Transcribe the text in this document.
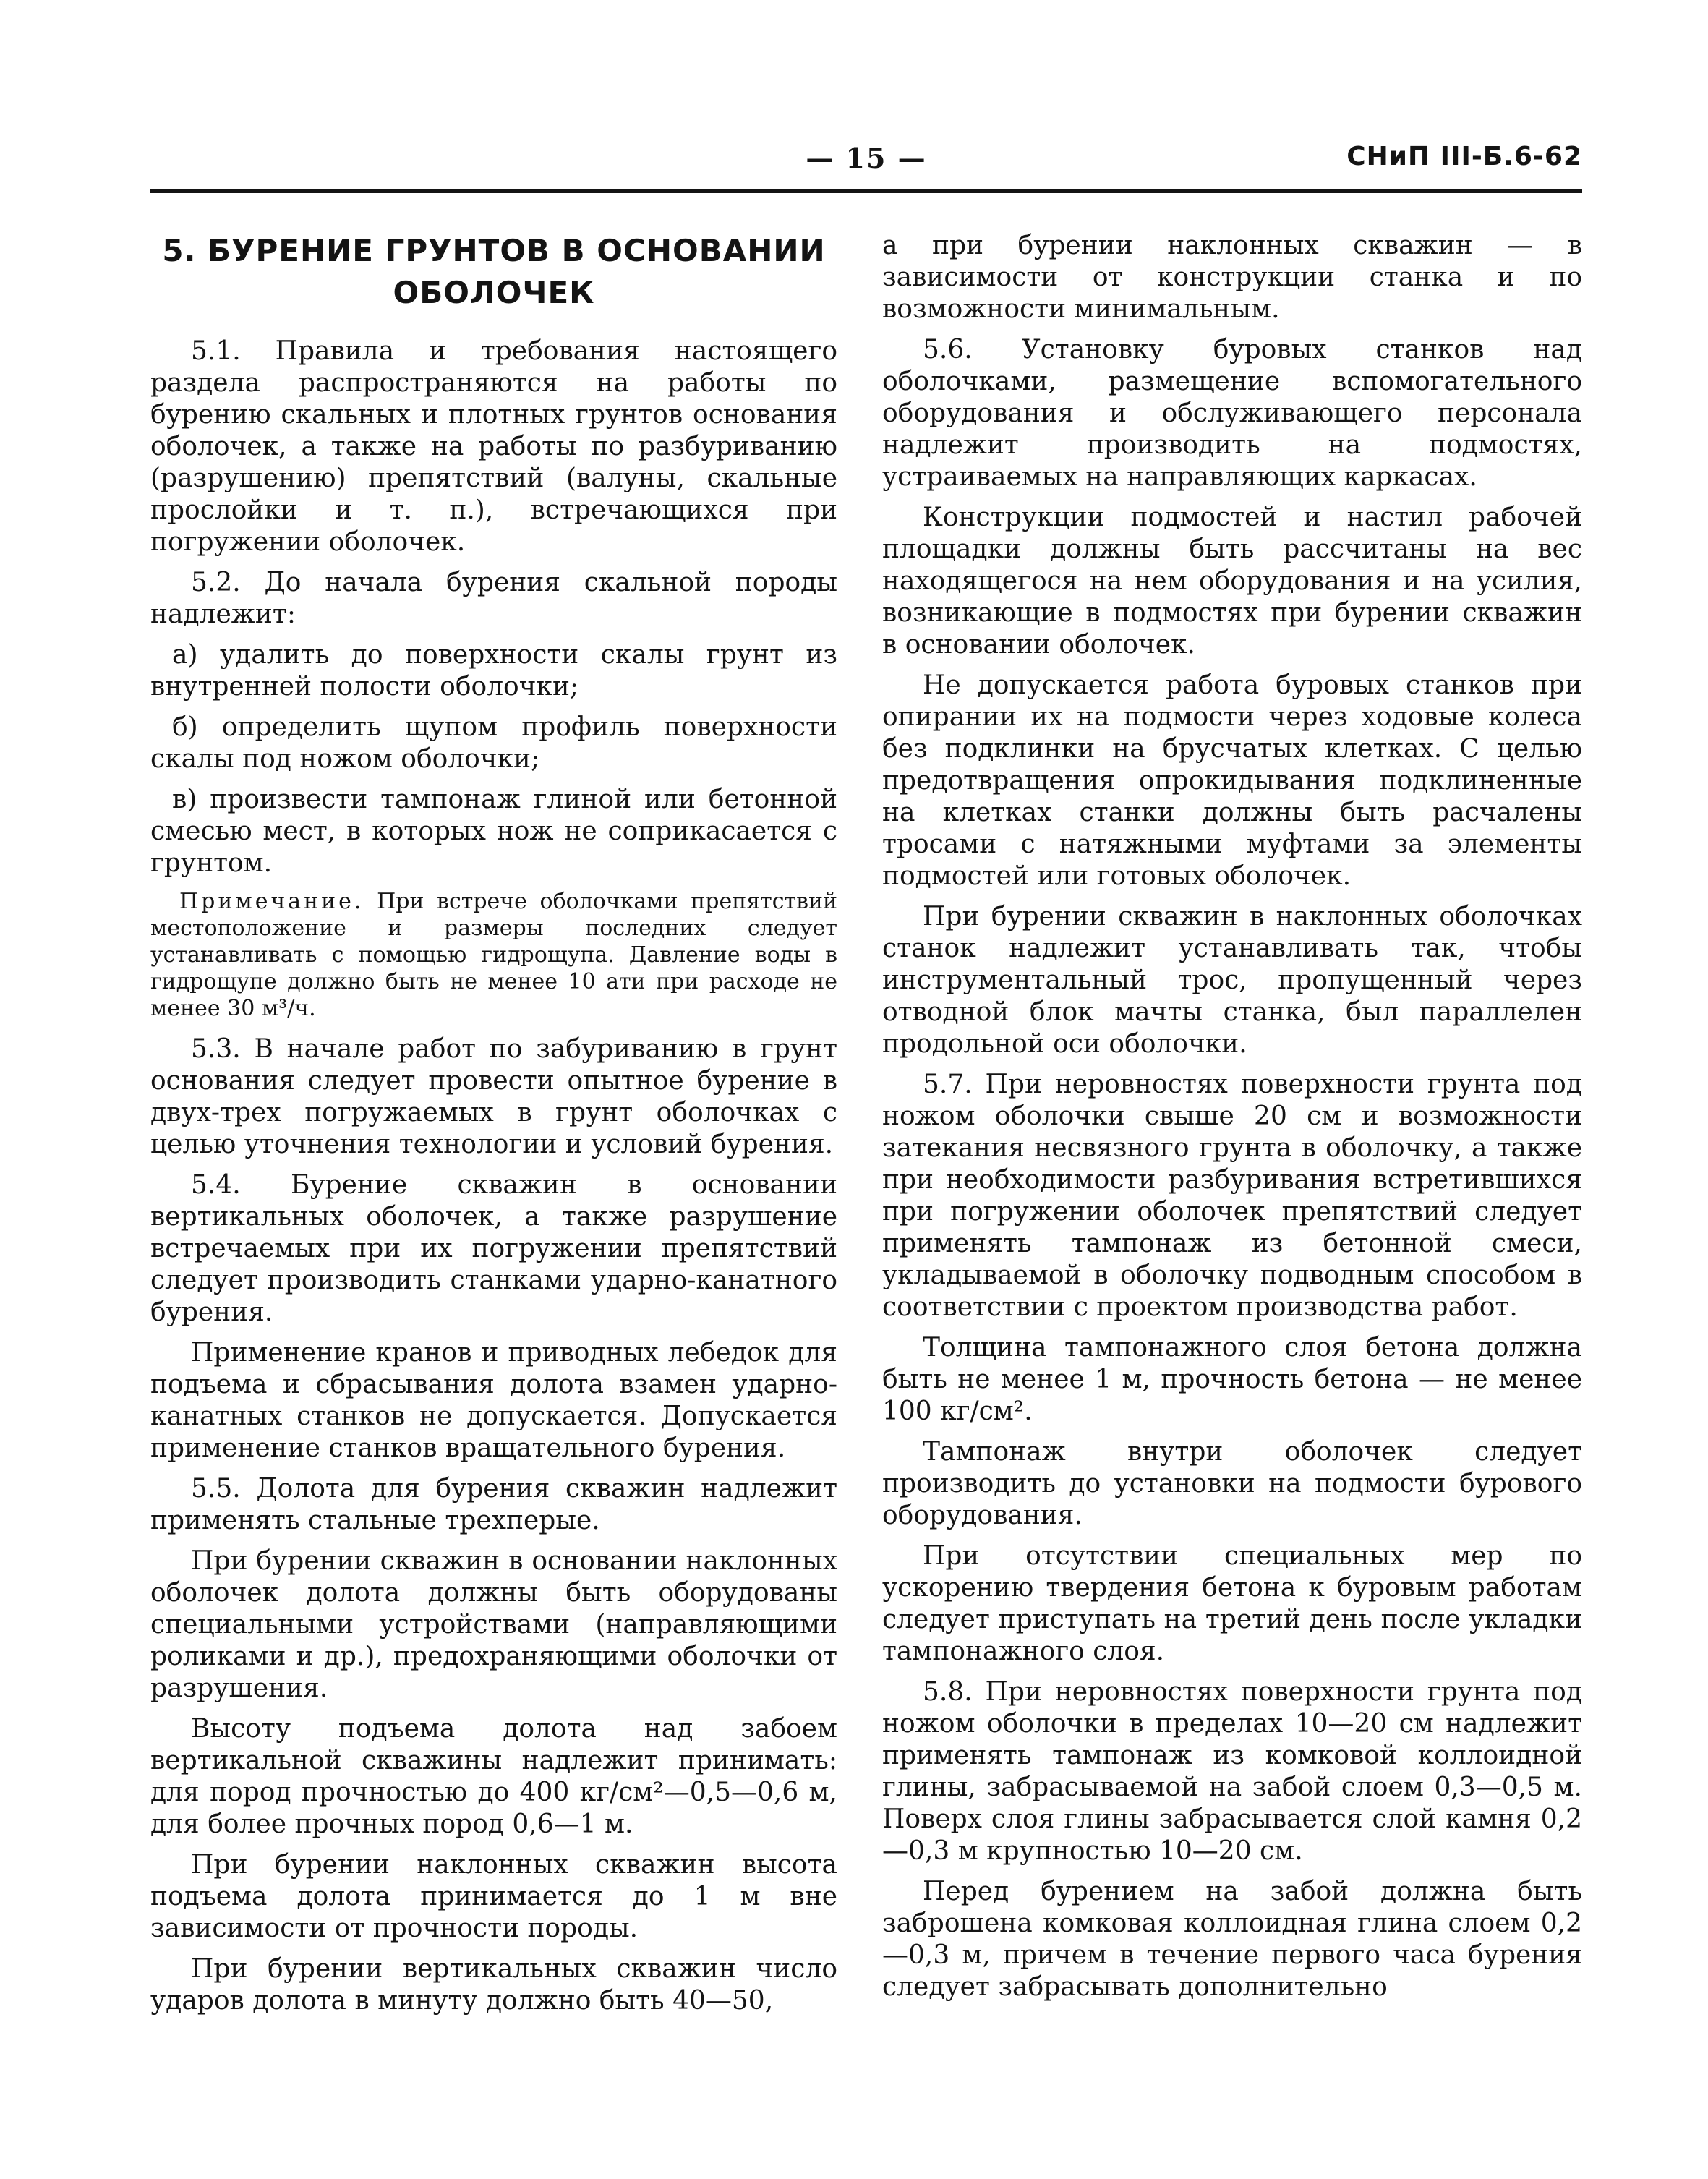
— 15 —	СНиП III-Б.6-62
5. БУРЕНИЕ ГРУНТОВ В ОСНОВАНИИ ОБОЛОЧЕК

5.1. Правила и требования настоящего раздела распространяются на работы по бурению скальных и плотных грунтов основания оболочек, а также на работы по разбуриванию (разрушению) препятствий (валуны, скальные прослойки и т. п.), встречающихся при погружении оболочек.

5.2. До начала бурения скальной породы надлежит:

а) удалить до поверхности скалы грунт из внутренней полости оболочки;

б) определить щупом профиль поверхности скалы под ножом оболочки;

в) произвести тампонаж глиной или бетонной смесью мест, в которых нож не соприкасается с грунтом.

Примечание. При встрече оболочками препятствий местоположение и размеры последних следует устанавливать с помощью гидрощупа. Давление воды в гидрощупе должно быть не менее 10 ати при расходе не менее 30 м³/ч.

5.3. В начале работ по забуриванию в грунт основания следует провести опытное бурение в двух-трех погружаемых в грунт оболочках с целью уточнения технологии и условий бурения.

5.4. Бурение скважин в основании вертикальных оболочек, а также разрушение встречаемых при их погружении препятствий следует производить станками ударно-канатного бурения.

Применение кранов и приводных лебедок для подъема и сбрасывания долота взамен ударно-канатных станков не допускается. Допускается применение станков вращательного бурения.

5.5. Долота для бурения скважин надлежит применять стальные трехперые.

При бурении скважин в основании наклонных оболочек долота должны быть оборудованы специальными устройствами (направляющими роликами и др.), предохраняющими оболочки от разрушения.

Высоту подъема долота над забоем вертикальной скважины надлежит принимать: для пород прочностью до 400 кг/см²—0,5—0,6 м, для более прочных пород 0,6—1 м.

При бурении наклонных скважин высота подъема долота принимается до 1 м вне зависимости от прочности породы.

При бурении вертикальных скважин число ударов долота в минуту должно быть 40—50,

а при бурении наклонных скважин — в зависимости от конструкции станка и по возможности минимальным.

5.6. Установку буровых станков над оболочками, размещение вспомогательного оборудования и обслуживающего персонала надлежит производить на подмостях, устраиваемых на направляющих каркасах.

Конструкции подмостей и настил рабочей площадки должны быть рассчитаны на вес находящегося на нем оборудования и на усилия, возникающие в подмостях при бурении скважин в основании оболочек.

Не допускается работа буровых станков при опирании их на подмости через ходовые колеса без подклинки на брусчатых клетках. С целью предотвращения опрокидывания подклиненные на клетках станки должны быть расчалены тросами с натяжными муфтами за элементы подмостей или готовых оболочек.

При бурении скважин в наклонных оболочках станок надлежит устанавливать так, чтобы инструментальный трос, пропущенный через отводной блок мачты станка, был параллелен продольной оси оболочки.

5.7. При неровностях поверхности грунта под ножом оболочки свыше 20 см и возможности затекания несвязного грунта в оболочку, а также при необходимости разбуривания встретившихся при погружении оболочек препятствий следует применять тампонаж из бетонной смеси, укладываемой в оболочку подводным способом в соответствии с проектом производства работ.

Толщина тампонажного слоя бетона должна быть не менее 1 м, прочность бетона — не менее 100 кг/см².

Тампонаж внутри оболочек следует производить до установки на подмости бурового оборудования.

При отсутствии специальных мер по ускорению твердения бетона к буровым работам следует приступать на третий день после укладки тампонажного слоя.

5.8. При неровностях поверхности грунта под ножом оболочки в пределах 10—20 см надлежит применять тампонаж из комковой коллоидной глины, забрасываемой на забой слоем 0,3—0,5 м. Поверх слоя глины забрасывается слой камня 0,2—0,3 м крупностью 10—20 см.

Перед бурением на забой должна быть заброшена комковая коллоидная глина слоем 0,2—0,3 м, причем в течение первого часа бурения следует забрасывать дополнительно
